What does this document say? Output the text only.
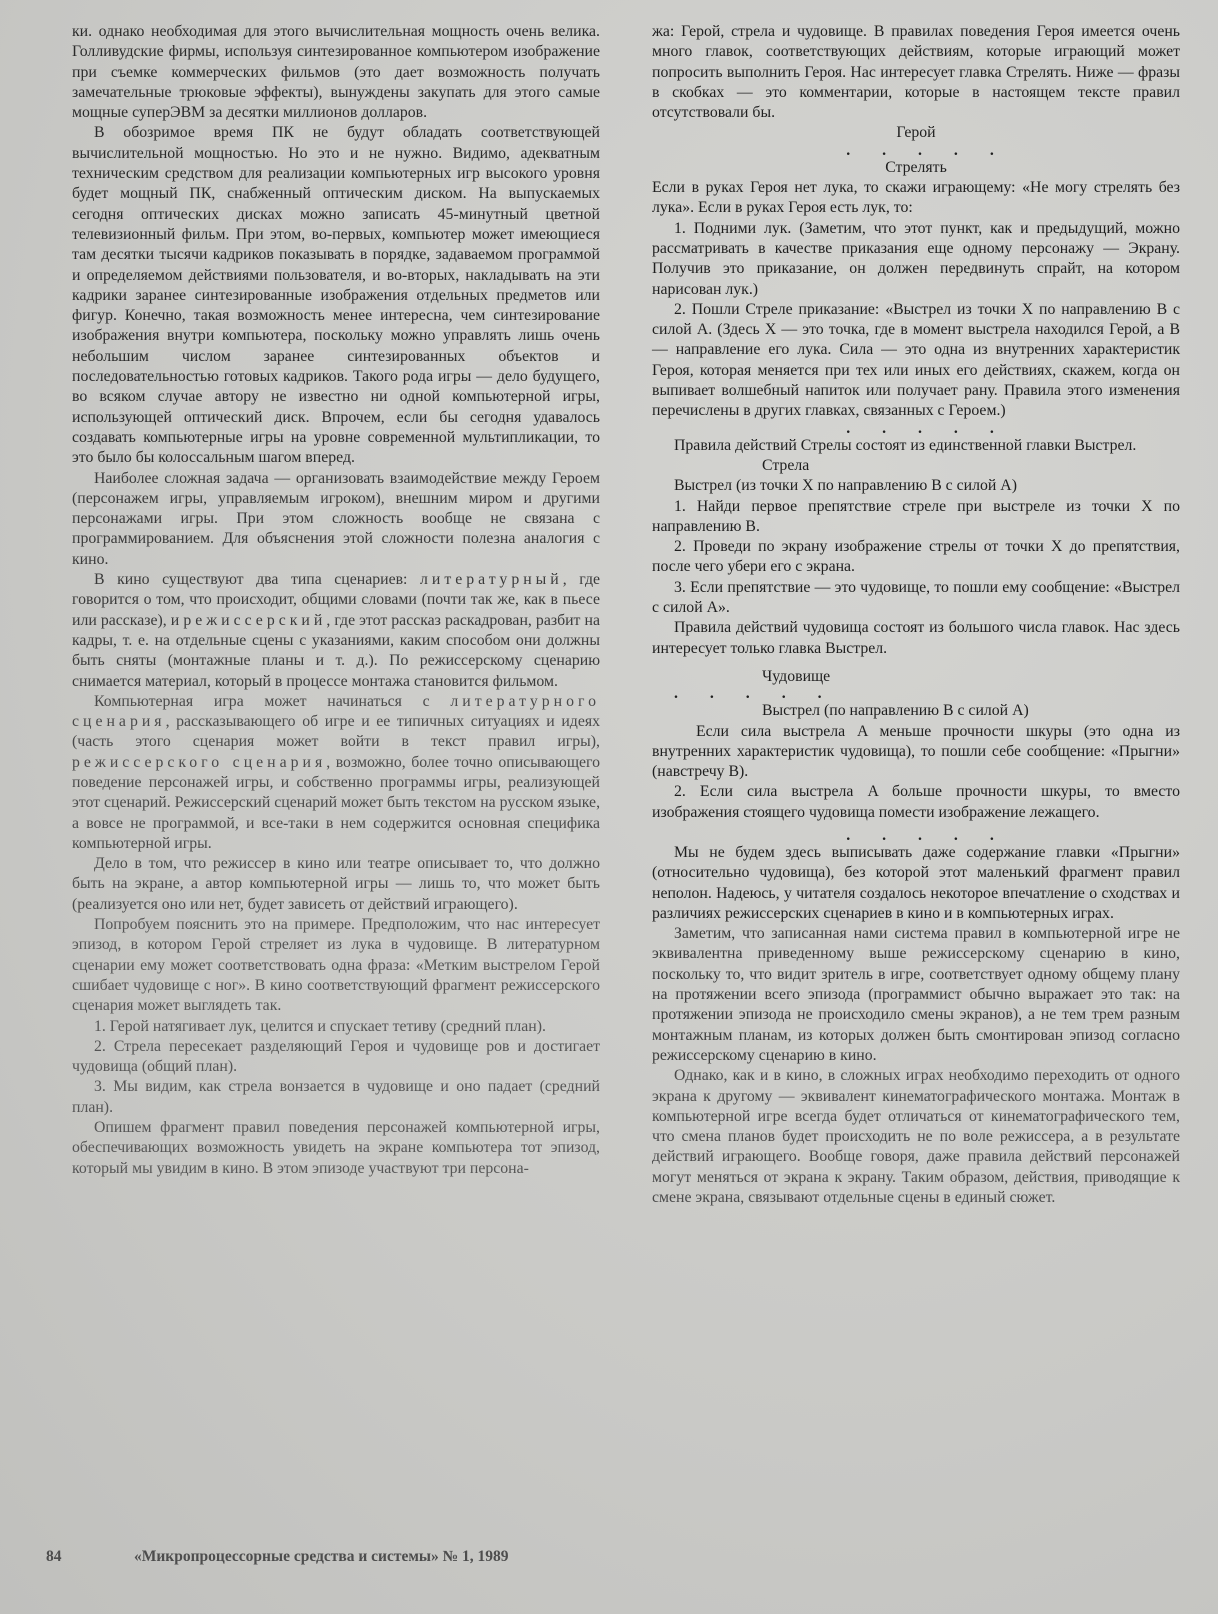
ки. однако необходимая для этого вычислительная мощность очень велика. Голливудские фирмы, используя синтезированное компьютером изображение при съемке коммерческих фильмов (это дает возможность получать замечательные трюковые эффекты), вынуждены закупать для этого самые мощные суперЭВМ за десятки миллионов долларов.

В обозримое время ПК не будут обладать соответствующей вычислительной мощностью. Но это и не нужно. Видимо, адекватным техническим средством для реализации компьютерных игр высокого уровня будет мощный ПК, снабженный оптическим диском. На выпускаемых сегодня оптических дисках можно записать 45-минутный цветной телевизионный фильм. При этом, во-первых, компьютер может имеющиеся там десятки тысячи кадриков показывать в порядке, задаваемом программой и определяемом действиями пользователя, и во-вторых, накладывать на эти кадрики заранее синтезированные изображения отдельных предметов или фигур. Конечно, такая возможность менее интересна, чем синтезирование изображения внутри компьютера, поскольку можно управлять лишь очень небольшим числом заранее синтезированных объектов и последовательностью готовых кадриков. Такого рода игры — дело будущего, во всяком случае автору не известно ни одной компьютерной игры, использующей оптический диск. Впрочем, если бы сегодня удавалось создавать компьютерные игры на уровне современной мультипликации, то это было бы колоссальным шагом вперед.

Наиболее сложная задача — организовать взаимодействие между Героем (персонажем игры, управляемым игроком), внешним миром и другими персонажами игры. При этом сложность вообще не связана с программированием. Для объяснения этой сложности полезна аналогия с кино.

В кино существуют два типа сценариев: литературный, где говорится о том, что происходит, общими словами (почти так же, как в пьесе или рассказе), и режиссерский, где этот рассказ раскадрован, разбит на кадры, т. е. на отдельные сцены с указаниями, каким способом они должны быть сняты (монтажные планы и т. д.). По режиссерскому сценарию снимается материал, который в процессе монтажа становится фильмом.

Компьютерная игра может начинаться с литературного сценария, рассказывающего об игре и ее типичных ситуациях и идеях (часть этого сценария может войти в текст правил игры), режиссерского сценария, возможно, более точно описывающего поведение персонажей игры, и собственно программы игры, реализующей этот сценарий. Режиссерский сценарий может быть текстом на русском языке, а вовсе не программой, и все-таки в нем содержится основная специфика компьютерной игры.

Дело в том, что режиссер в кино или театре описывает то, что должно быть на экране, а автор компьютерной игры — лишь то, что может быть (реализуется оно или нет, будет зависеть от действий играющего).

Попробуем пояснить это на примере. Предположим, что нас интересует эпизод, в котором Герой стреляет из лука в чудовище. В литературном сценарии ему может соответствовать одна фраза: «Метким выстрелом Герой сшибает чудовище с ног». В кино соответствующий фрагмент режиссерского сценария может выглядеть так.

1. Герой натягивает лук, целится и спускает тетиву (средний план).

2. Стрела пересекает разделяющий Героя и чудовище ров и достигает чудовища (общий план).

3. Мы видим, как стрела вонзается в чудовище и оно падает (средний план).

Опишем фрагмент правил поведения персонажей компьютерной игры, обеспечивающих возможность увидеть на экране компьютера тот эпизод, который мы увидим в кино. В этом эпизоде участвуют три персона-

жа: Герой, стрела и чудовище. В правилах поведения Героя имеется очень много главок, соответствующих действиям, которые играющий может попросить выполнить Героя. Нас интересует главка Стрелять. Ниже — фразы в скобках — это комментарии, которые в настоящем тексте правил отсутствовали бы.

Герой

. . . . .

Стрелять

Если в руках Героя нет лука, то скажи играющему: «Не могу стрелять без лука». Если в руках Героя есть лук, то:

1. Подними лук. (Заметим, что этот пункт, как и предыдущий, можно рассматривать в качестве приказания еще одному персонажу — Экрану. Получив это приказание, он должен передвинуть спрайт, на котором нарисован лук.)

2. Пошли Стреле приказание: «Выстрел из точки X по направлению B с силой A. (Здесь X — это точка, где в момент выстрела находился Герой, а B — направление его лука. Сила — это одна из внутренних характеристик Героя, которая меняется при тех или иных его действиях, скажем, когда он выпивает волшебный напиток или получает рану. Правила этого изменения перечислены в других главках, связанных с Героем.)

. . . . .

Правила действий Стрелы состоят из единственной главки Выстрел.

Стрела

Выстрел (из точки X по направлению B с силой A)

1. Найди первое препятствие стреле при выстреле из точки X по направлению B.

2. Проведи по экрану изображение стрелы от точки X до препятствия, после чего убери его с экрана.

3. Если препятствие — это чудовище, то пошли ему сообщение: «Выстрел с силой A».

Правила действий чудовища состоят из большого числа главок. Нас здесь интересует только главка Выстрел.

Чудовище

. . . . .

Выстрел (по направлению B с силой A)

Если сила выстрела A меньше прочности шкуры (это одна из внутренних характеристик чудовища), то пошли себе сообщение: «Прыгни» (навстречу B).

2. Если сила выстрела A больше прочности шкуры, то вместо изображения стоящего чудовища помести изображение лежащего.

. . . . .

Мы не будем здесь выписывать даже содержание главки «Прыгни» (относительно чудовища), без которой этот маленький фрагмент правил неполон. Надеюсь, у читателя создалось некоторое впечатление о сходствах и различиях режиссерских сценариев в кино и в компьютерных играх.

Заметим, что записанная нами система правил в компьютерной игре не эквивалентна приведенному выше режиссерскому сценарию в кино, поскольку то, что видит зритель в игре, соответствует одному общему плану на протяжении всего эпизода (программист обычно выражает это так: на протяжении эпизода не происходило смены экранов), а не тем трем разным монтажным планам, из которых должен быть смонтирован эпизод согласно режиссерскому сценарию в кино.

Однако, как и в кино, в сложных играх необходимо переходить от одного экрана к другому — эквивалент кинематографического монтажа. Монтаж в компьютерной игре всегда будет отличаться от кинематографического тем, что смена планов будет происходить не по воле режиссера, а в результате действий играющего. Вообще говоря, даже правила действий персонажей могут меняться от экрана к экрану. Таким образом, действия, приводящие к смене экрана, связывают отдельные сцены в единый сюжет.

84	«Микропроцессорные средства и системы» № 1, 1989
